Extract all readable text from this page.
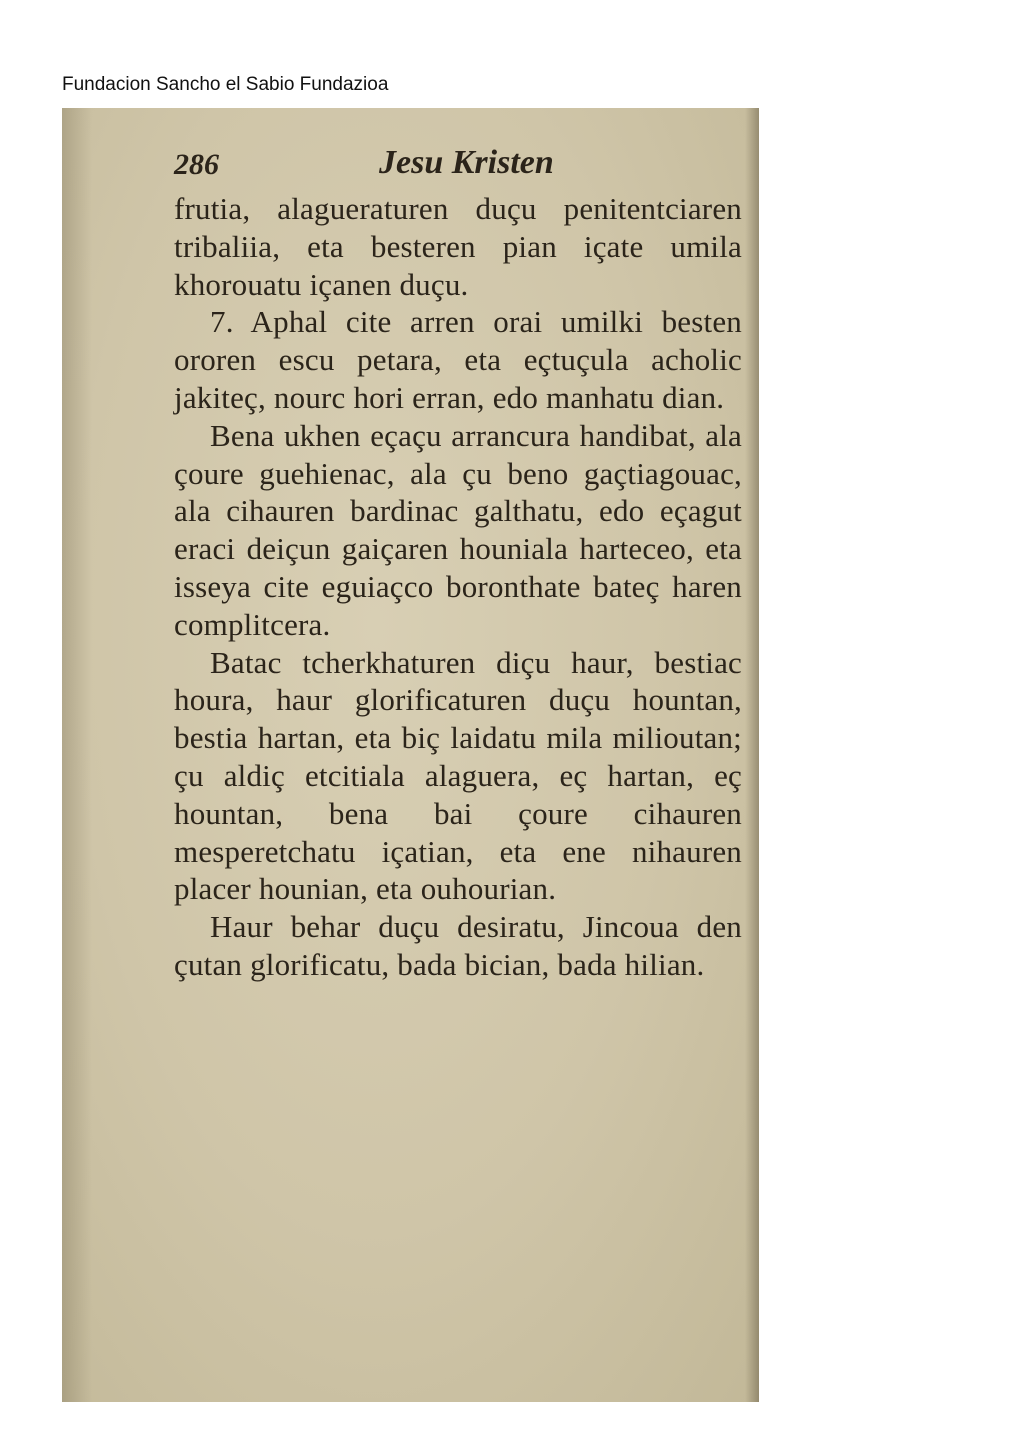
Fundacion Sancho el Sabio Fundazioa
286	Jesu Kristen

frutia, alagueraturen duçu penitentciaren tribaliia, eta besteren pian içate umila khorouatu içanen duçu.

7. Aphal cite arren orai umilki besten ororen escu petara, eta eçtuçula acholic jakiteç, nourc hori erran, edo manhatu dian.

Bena ukhen eçaçu arrancura handibat, ala çoure guehienac, ala çu beno gaçtiagouac, ala cihauren bardinac galthatu, edo eçagut eraci deiçun gaiçaren houniala harteceo, eta isseya cite eguiaçco boronthate bateç haren complitcera.

Batac tcherkhaturen diçu haur, bestiac houra, haur glorificaturen duçu hountan, bestia hartan, eta biç laidatu mila milioutan; çu aldiç etcitiala alaguera, eç hartan, eç hountan, bena bai çoure cihauren mesperetchatu içatian, eta ene nihauren placer hounian, eta ouhourian.

Haur behar duçu desiratu, Jincoua den çutan glorificatu, bada bician, bada hilian.
